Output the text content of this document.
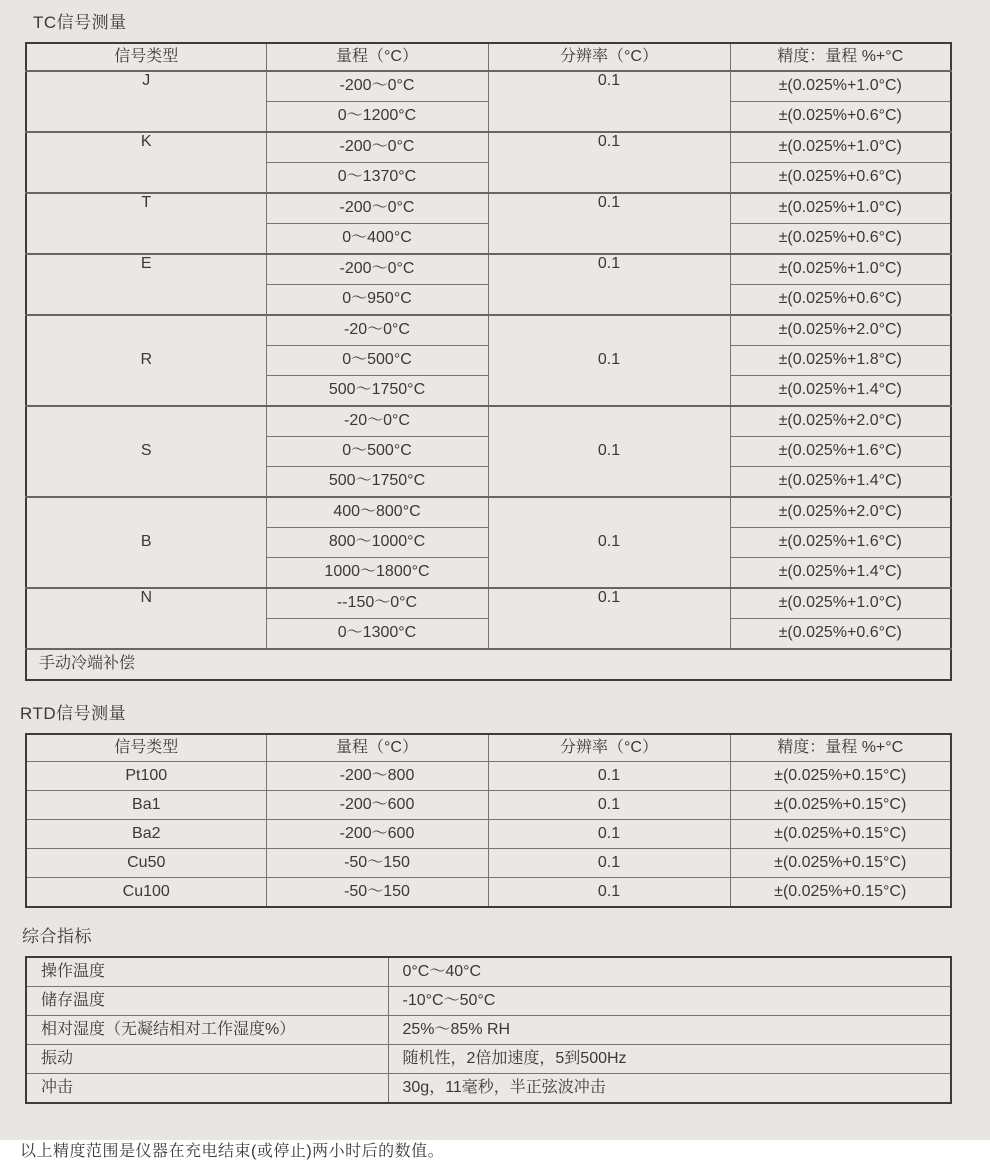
TC信号测量
信号类型	量程（°C）	分辨率（°C）	精度：量程 %+°C
J	-200～0°C	0.1	±(0.025%+1.0°C)
	0～1200°C		±(0.025%+0.6°C)
K	-200～0°C	0.1	±(0.025%+1.0°C)
	0～1370°C		±(0.025%+0.6°C)
T	-200～0°C	0.1	±(0.025%+1.0°C)
	0～400°C		±(0.025%+0.6°C)
E	-200～0°C	0.1	±(0.025%+1.0°C)
	0～950°C		±(0.025%+0.6°C)
R	-20～0°C	0.1	±(0.025%+2.0°C)
	0～500°C		±(0.025%+1.8°C)
	500～1750°C		±(0.025%+1.4°C)
S	-20～0°C	0.1	±(0.025%+2.0°C)
	0～500°C		±(0.025%+1.6°C)
	500～1750°C		±(0.025%+1.4°C)
B	400～800°C	0.1	±(0.025%+2.0°C)
	800～1000°C		±(0.025%+1.6°C)
	1000～1800°C		±(0.025%+1.4°C)
N	--150～0°C	0.1	±(0.025%+1.0°C)
	0～1300°C		±(0.025%+0.6°C)
手动冷端补偿			
RTD信号测量
信号类型	量程（°C）	分辨率（°C）	精度：量程 %+°C
Pt100	-200～800	0.1	±(0.025%+0.15°C)
Ba1	-200～600	0.1	±(0.025%+0.15°C)
Ba2	-200～600	0.1	±(0.025%+0.15°C)
Cu50	-50～150	0.1	±(0.025%+0.15°C)
Cu100	-50～150	0.1	±(0.025%+0.15°C)
综合指标
操作温度	0°C～40°C
储存温度	-10°C～50°C
相对湿度（无凝结相对工作湿度%）	25%～85% RH
振动	随机性，2倍加速度，5到500Hz
冲击	30g，11毫秒，半正弦波冲击
以上精度范围是仪器在充电结束(或停止)两小时后的数值。
